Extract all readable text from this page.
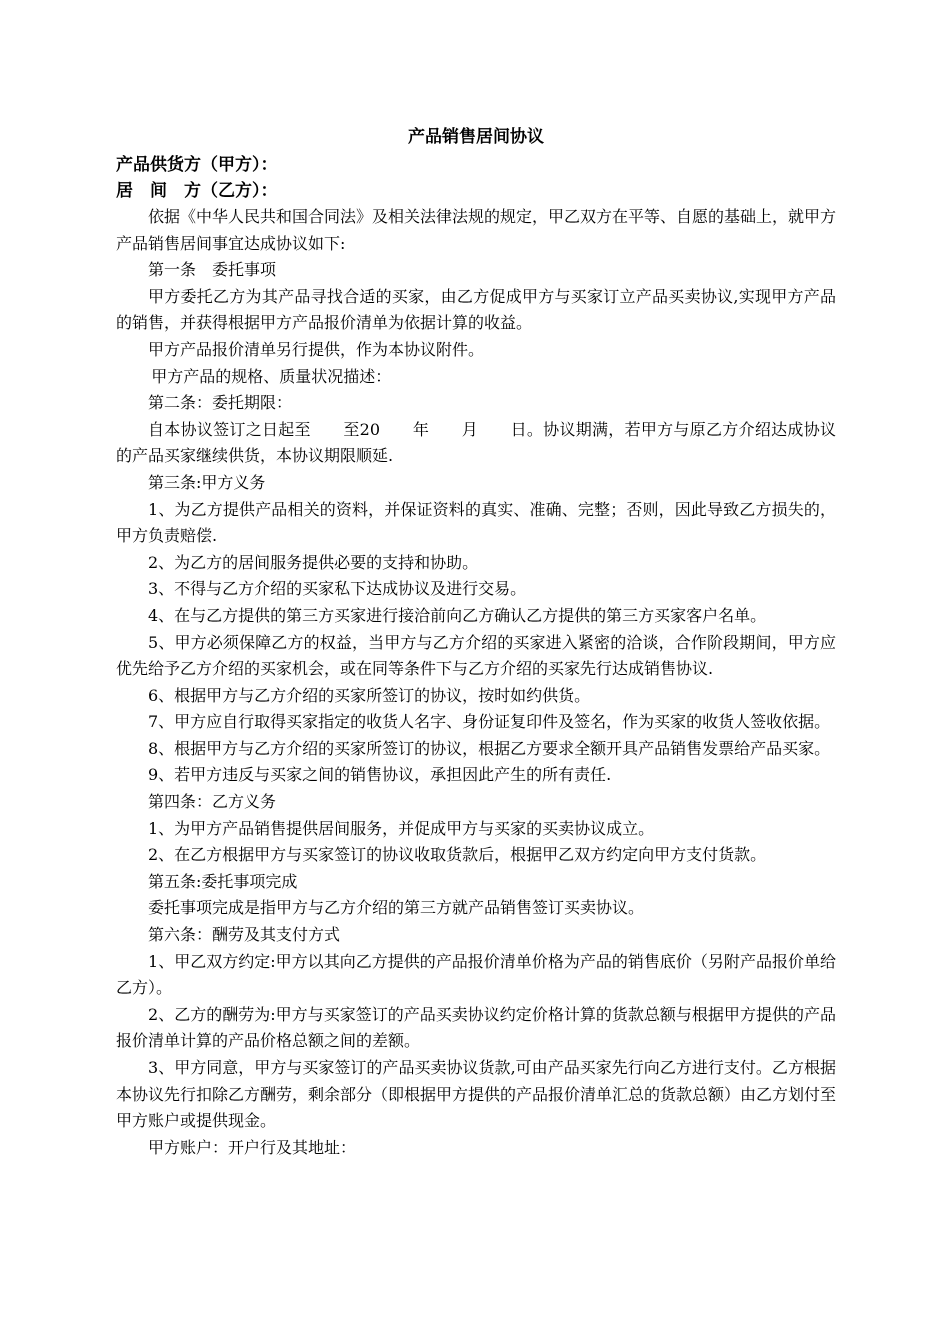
产品销售居间协议

产品供货方（甲方）：

居　间　方（乙方）：

依据《中华人民共和国合同法》及相关法律法规的规定，甲乙双方在平等、自愿的基础上，就甲方产品销售居间事宜达成协议如下:

第一条　委托事项

甲方委托乙方为其产品寻找合适的买家，由乙方促成甲方与买家订立产品买卖协议,实现甲方产品的销售，并获得根据甲方产品报价清单为依据计算的收益。

甲方产品报价清单另行提供，作为本协议附件。

甲方产品的规格、质量状况描述：

第二条：委托期限：

自本协议签订之日起至　　至20　　年　　月　　日。协议期满，若甲方与原乙方介绍达成协议的产品买家继续供货，本协议期限顺延.

第三条:甲方义务

1、为乙方提供产品相关的资料，并保证资料的真实、准确、完整；否则，因此导致乙方损失的，甲方负责赔偿.

2、为乙方的居间服务提供必要的支持和协助。

3、不得与乙方介绍的买家私下达成协议及进行交易。

4、在与乙方提供的第三方买家进行接洽前向乙方确认乙方提供的第三方买家客户名单。

5、甲方必须保障乙方的权益，当甲方与乙方介绍的买家进入紧密的洽谈，合作阶段期间，甲方应优先给予乙方介绍的买家机会，或在同等条件下与乙方介绍的买家先行达成销售协议.

6、根据甲方与乙方介绍的买家所签订的协议，按时如约供货。

7、甲方应自行取得买家指定的收货人名字、身份证复印件及签名，作为买家的收货人签收依据。

8、根据甲方与乙方介绍的买家所签订的协议，根据乙方要求全额开具产品销售发票给产品买家。

9、若甲方违反与买家之间的销售协议，承担因此产生的所有责任.

第四条：乙方义务

1、为甲方产品销售提供居间服务，并促成甲方与买家的买卖协议成立。

2、在乙方根据甲方与买家签订的协议收取货款后，根据甲乙双方约定向甲方支付货款。

第五条:委托事项完成

委托事项完成是指甲方与乙方介绍的第三方就产品销售签订买卖协议。

第六条：酬劳及其支付方式

1、甲乙双方约定:甲方以其向乙方提供的产品报价清单价格为产品的销售底价（另附产品报价单给乙方）。

2、乙方的酬劳为:甲方与买家签订的产品买卖协议约定价格计算的货款总额与根据甲方提供的产品报价清单计算的产品价格总额之间的差额。

3、甲方同意，甲方与买家签订的产品买卖协议货款,可由产品买家先行向乙方进行支付。乙方根据本协议先行扣除乙方酬劳，剩余部分（即根据甲方提供的产品报价清单汇总的货款总额）由乙方划付至甲方账户或提供现金。

甲方账户：开户行及其地址：
